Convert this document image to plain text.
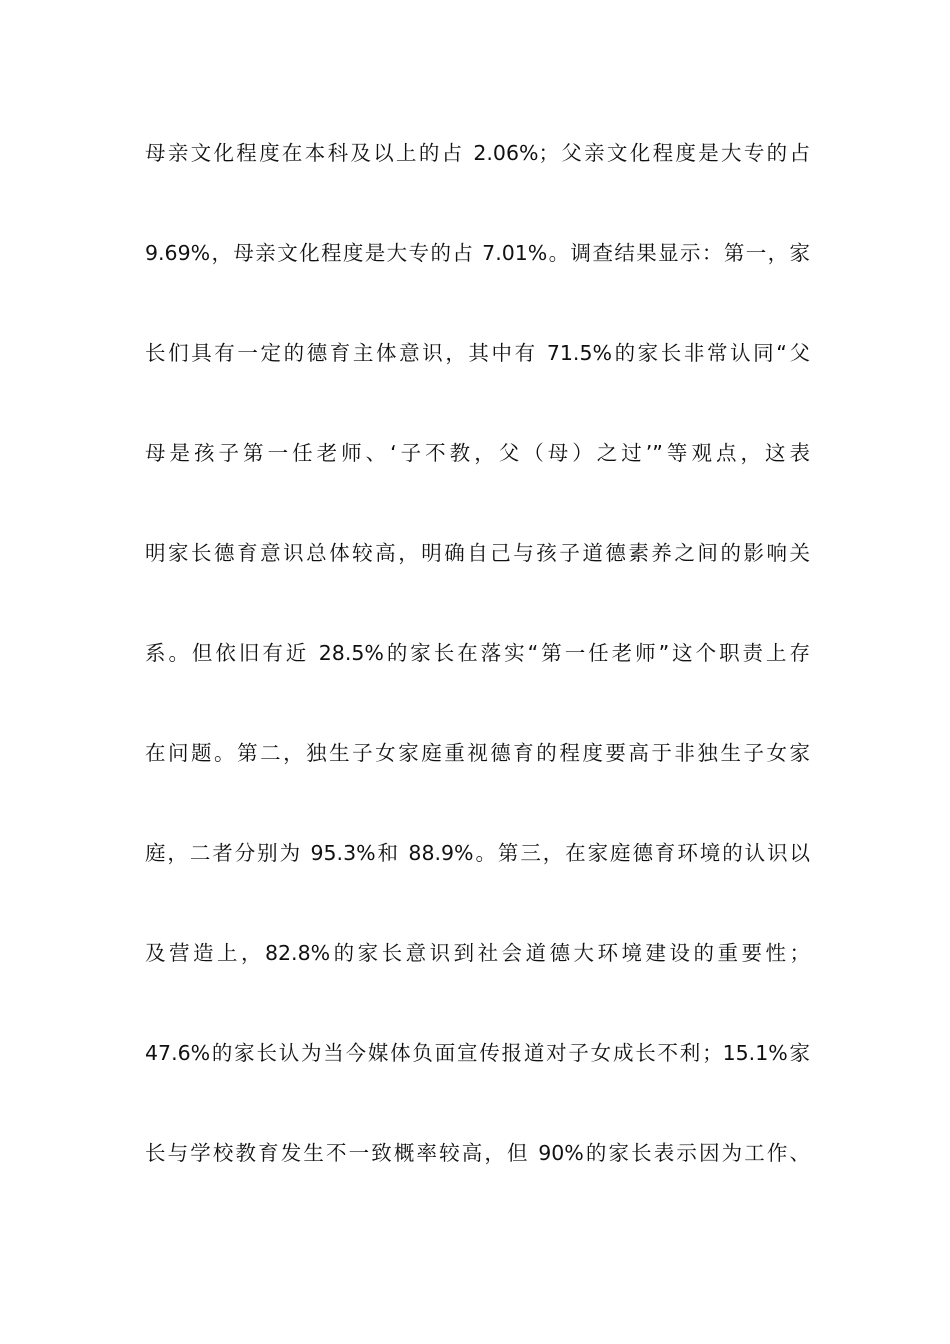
母亲文化程度在本科及以上的占 2.06%；父亲文化程度是大专的占
9.69%，母亲文化程度是大专的占 7.01%。调查结果显示：第一，家
长们具有一定的德育主体意识，其中有 71.5%的家长非常认同“父
母是孩子第一任老师、‘子不教，父（母）之过’”等观点，这表
明家长德育意识总体较高，明确自己与孩子道德素养之间的影响关
系。但依旧有近 28.5%的家长在落实“第一任老师”这个职责上存
在问题。第二，独生子女家庭重视德育的程度要高于非独生子女家
庭，二者分别为 95.3%和 88.9%。第三，在家庭德育环境的认识以
及营造上，82.8%的家长意识到社会道德大环境建设的重要性；
47.6%的家长认为当今媒体负面宣传报道对子女成长不利；15.1%家
长与学校教育发生不一致概率较高，但 90%的家长表示因为工作、
